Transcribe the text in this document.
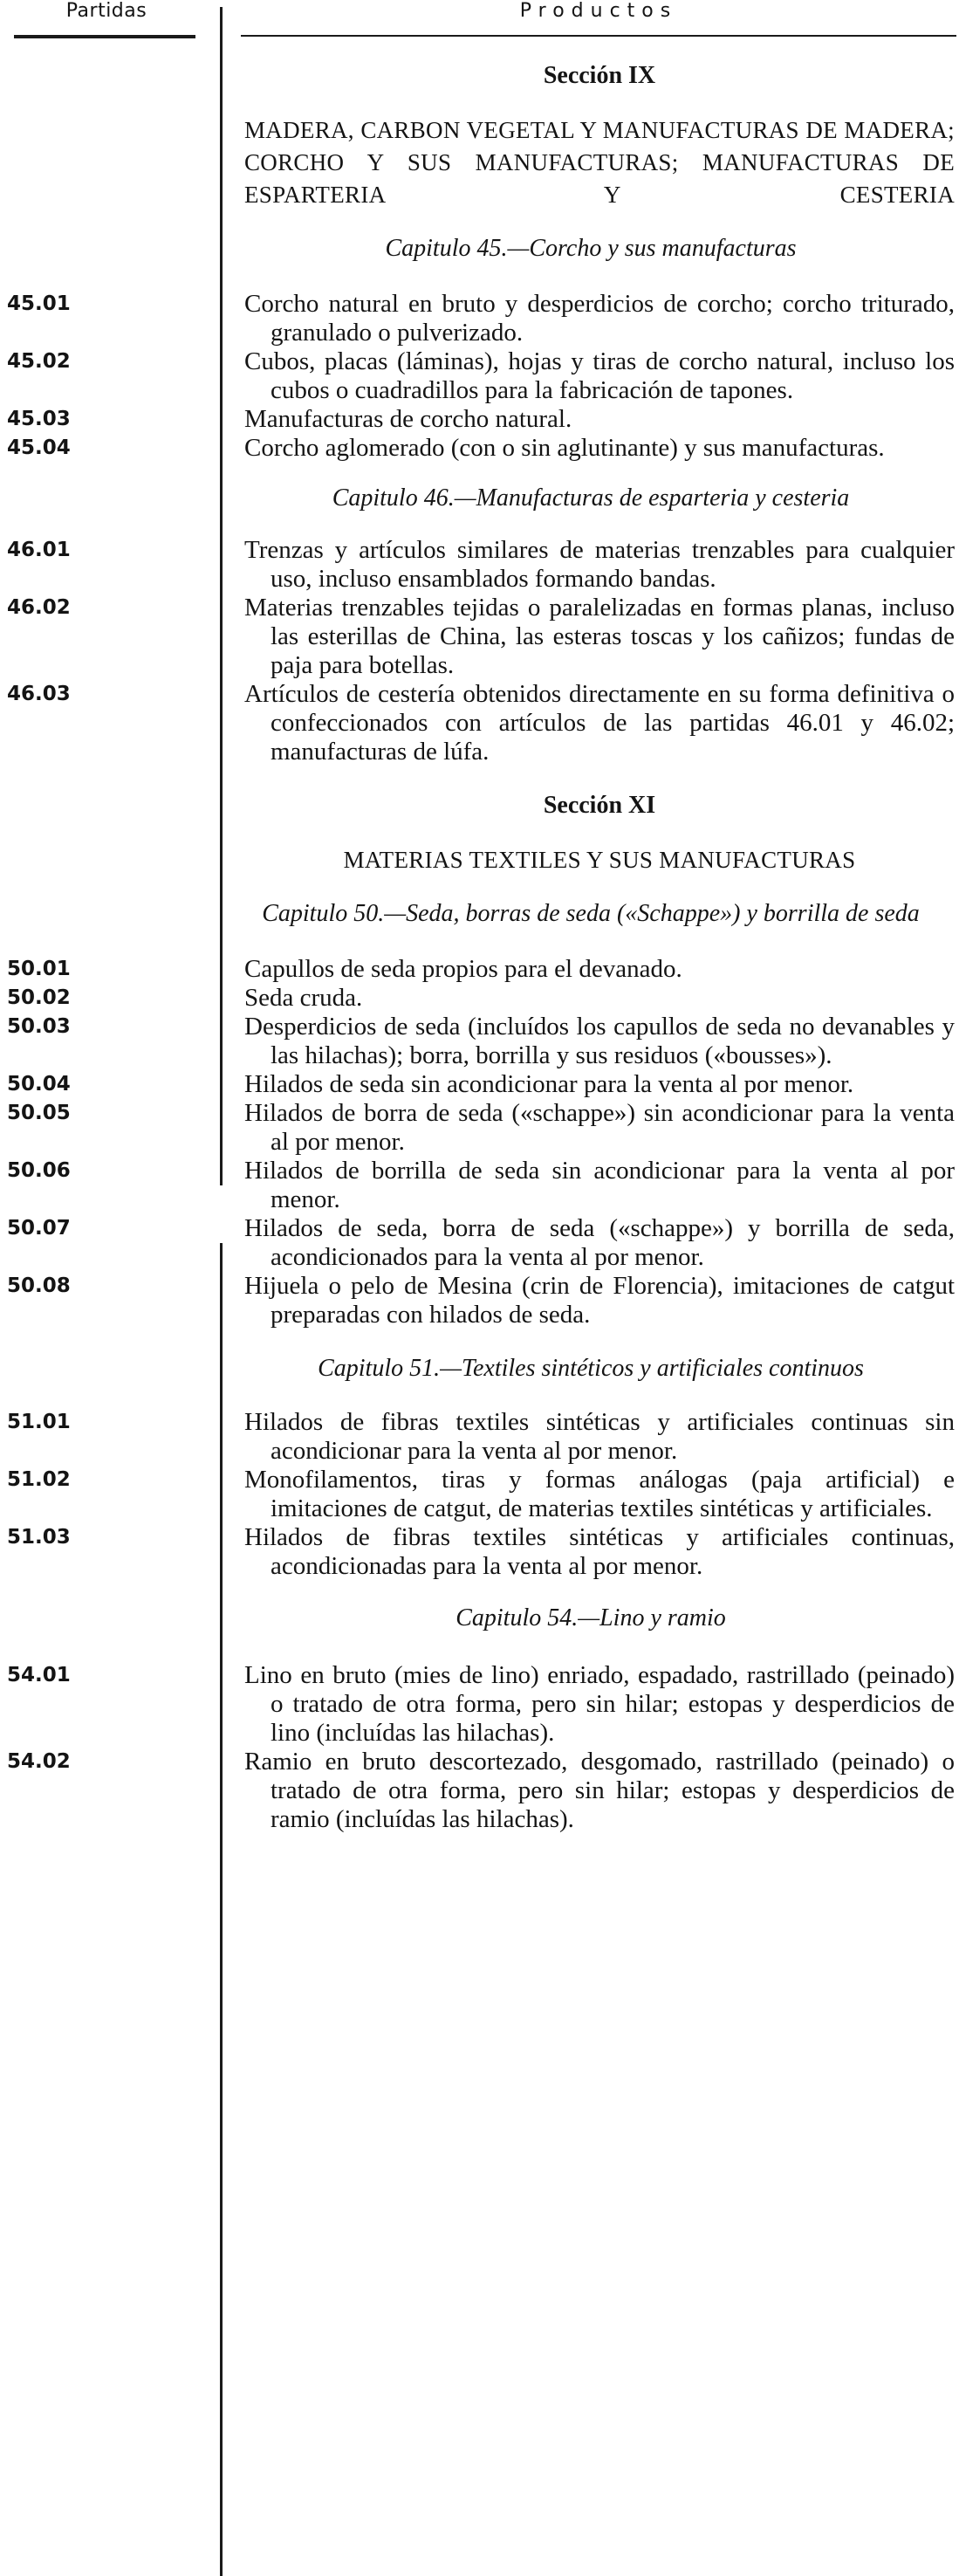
Partidas	Productos
Sección IX
MADERA, CARBON VEGETAL Y MANUFACTURAS DE MADERA; CORCHO Y SUS MANUFACTURAS; MANUFACTURAS DE ESPARTERIA Y CESTERIA
Capitulo 45.—Corcho y sus manufacturas
45.01	Corcho natural en bruto y desperdicios de corcho; corcho triturado, granulado o pulverizado.
45.02	Cubos, placas (láminas), hojas y tiras de corcho natural, incluso los cubos o cuadradillos para la fabricación de tapones.
45.03	Manufacturas de corcho natural.
45.04	Corcho aglomerado (con o sin aglutinante) y sus manufacturas.
Capitulo 46.—Manufacturas de esparteria y cesteria
46.01	Trenzas y artículos similares de materias trenzables para cualquier uso, incluso ensamblados formando bandas.
46.02	Materias trenzables tejidas o paralelizadas en formas planas, incluso las esterillas de China, las esteras toscas y los cañizos; fundas de paja para botellas.
46.03	Artículos de cestería obtenidos directamente en su forma definitiva o confeccionados con artículos de las partidas 46.01 y 46.02; manufacturas de lúfa.
Sección XI
MATERIAS TEXTILES Y SUS MANUFACTURAS
Capitulo 50.—Seda, borras de seda («Schappe») y borrilla de seda
50.01	Capullos de seda propios para el devanado.
50.02	Seda cruda.
50.03	Desperdicios de seda (incluídos los capullos de seda no devanables y las hilachas); borra, borrilla y sus residuos («bousses»).
50.04	Hilados de seda sin acondicionar para la venta al por menor.
50.05	Hilados de borra de seda («schappe») sin acondicionar para la venta al por menor.
50.06	Hilados de borrilla de seda sin acondicionar para la venta al por menor.
50.07	Hilados de seda, borra de seda («schappe») y borrilla de seda, acondicionados para la venta al por menor.
50.08	Hijuela o pelo de Mesina (crin de Florencia), imitaciones de catgut preparadas con hilados de seda.
Capitulo 51.—Textiles sintéticos y artificiales continuos
51.01	Hilados de fibras textiles sintéticas y artificiales continuas sin acondicionar para la venta al por menor.
51.02	Monofilamentos, tiras y formas análogas (paja artificial) e imitaciones de catgut, de materias textiles sintéticas y artificiales.
51.03	Hilados de fibras textiles sintéticas y artificiales continuas, acondicionadas para la venta al por menor.
Capitulo 54.—Lino y ramio
54.01	Lino en bruto (mies de lino) enriado, espadado, rastrillado (peinado) o tratado de otra forma, pero sin hilar; estopas y desperdicios de lino (incluídas las hilachas).
54.02	Ramio en bruto descortezado, desgomado, rastrillado (peinado) o tratado de otra forma, pero sin hilar; estopas y desperdicios de ramio (incluídas las hilachas).
